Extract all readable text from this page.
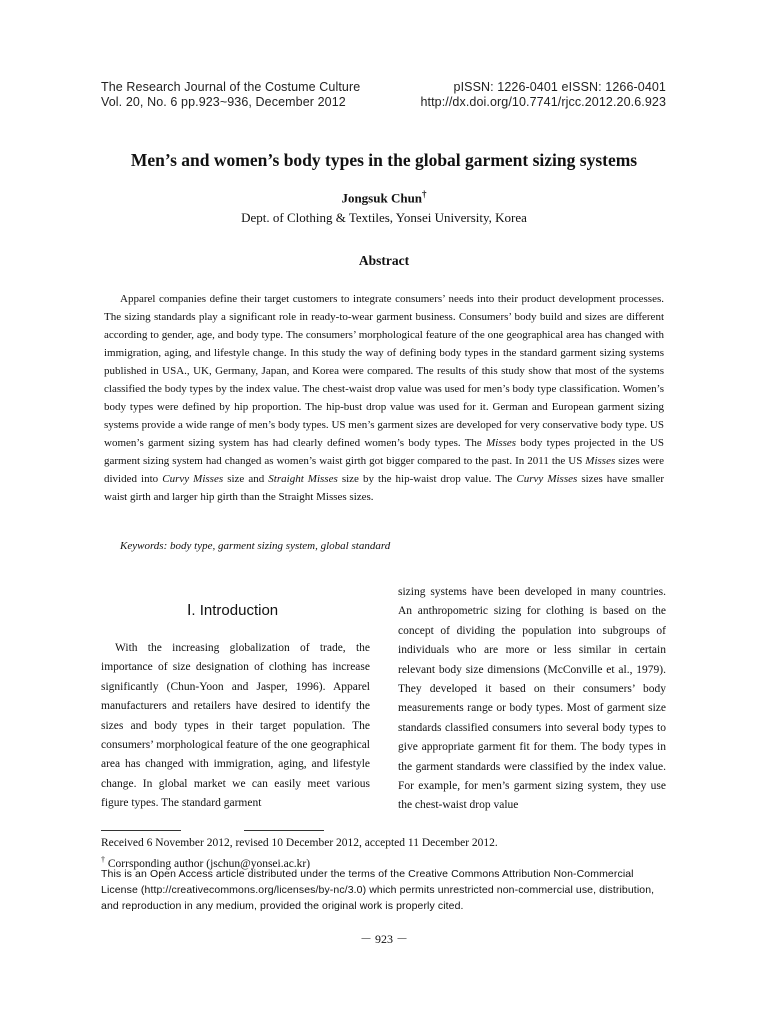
The Research Journal of the Costume Culture
Vol. 20, No. 6 pp.923~936, December 2012
pISSN: 1226-0401 eISSN: 1266-0401
http://dx.doi.org/10.7741/rjcc.2012.20.6.923
Men’s and women’s body types in the global garment sizing systems
Jongsuk Chun†
Dept. of Clothing & Textiles, Yonsei University, Korea
Abstract
Apparel companies define their target customers to integrate consumers’ needs into their product development processes. The sizing standards play a significant role in ready-to-wear garment business. Consumers’ body build and sizes are different according to gender, age, and body type. The consumers’ morphological feature of the one geographical area has changed with immigration, aging, and lifestyle change. In this study the way of defining body types in the standard garment sizing systems published in USA., UK, Germany, Japan, and Korea were compared. The results of this study show that most of the systems classified the body types by the index value. The chest-waist drop value was used for men’s body type classification. Women’s body types were defined by hip proportion. The hip-bust drop value was used for it. German and European garment sizing systems provide a wide range of men’s body types. US men’s garment sizes are developed for very conservative body type. US women’s garment sizing system has had clearly defined women’s body types. The Misses body types projected in the US garment sizing system had changed as women’s waist girth got bigger compared to the past. In 2011 the US Misses sizes were divided into Curvy Misses size and Straight Misses size by the hip-waist drop value. The Curvy Misses sizes have smaller waist girth and larger hip girth than the Straight Misses sizes.
Keywords: body type, garment sizing system, global standard
Ⅰ. Introduction
With the increasing globalization of trade, the importance of size designation of clothing has increase significantly (Chun-Yoon and Jasper, 1996). Apparel manufacturers and retailers have desired to identify the sizes and body types in their target population. The consumers’ morphological feature of the one geographical area has changed with immigration, aging, and lifestyle change. In global market we can easily meet various figure types. The standard garment
sizing systems have been developed in many countries. An anthropometric sizing for clothing is based on the concept of dividing the population into subgroups of individuals who are more or less similar in certain relevant body size dimensions (McConville et al., 1979). They developed it based on their consumers’ body measurements range or body types. Most of garment size standards classified consumers into several body types to give appropriate garment fit for them. The body types in the garment standards were classified by the index value. For example, for men’s garment sizing system, they use the chest-waist drop value
Received 6 November 2012, revised 10 December 2012, accepted 11 December 2012.
† Corrsponding author (jschun@yonsei.ac.kr)
This is an Open Access article distributed under the terms of the Creative Commons Attribution Non-Commercial License (http://creativecommons.org/licenses/by-nc/3.0) which permits unrestricted non-commercial use, distribution, and reproduction in any medium, provided the original work is properly cited.
－ 923 －
